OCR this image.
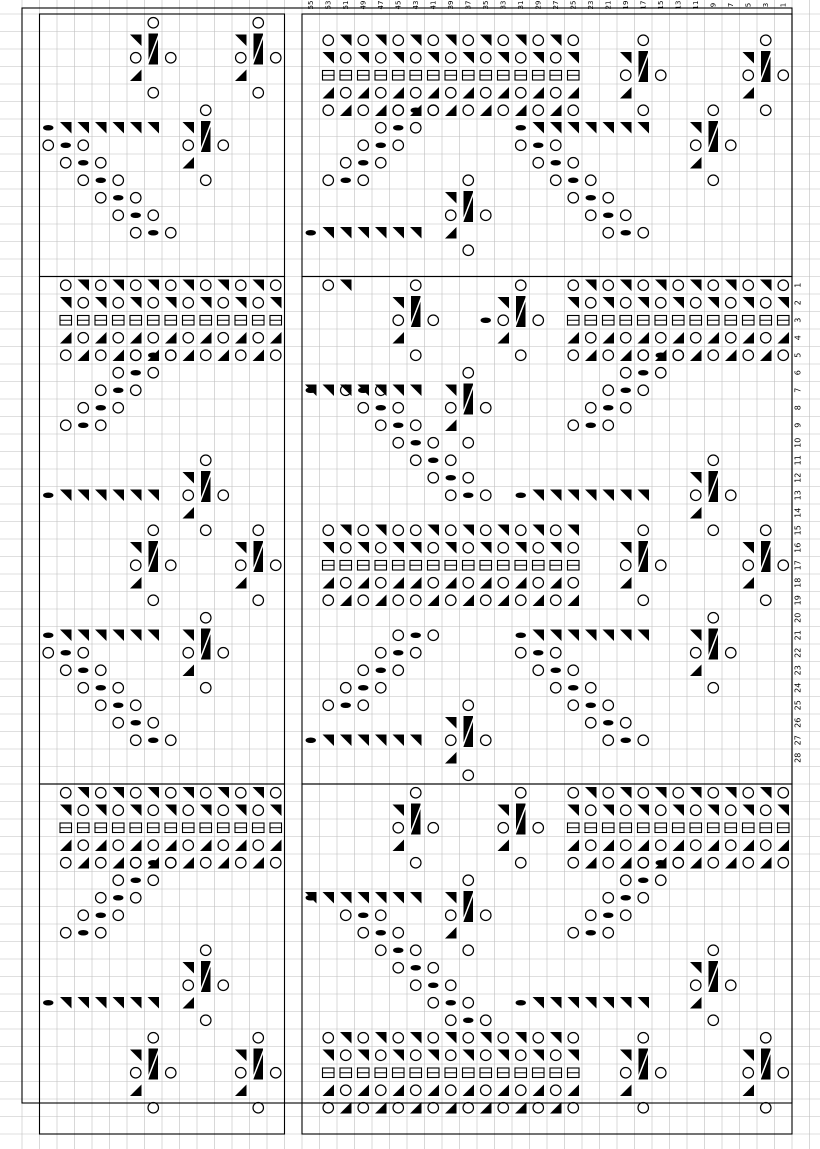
1
2
3
4
5
6
7
8
9
10
11
12
13
14
15
16
17
18
19
20
21
22
23
24
25
26
27
28
55 53 51 49 47 45 43 41 39 37 35 33 31 29 27 25 23 21 19 17 15 13 11 9 7 5 3 1
